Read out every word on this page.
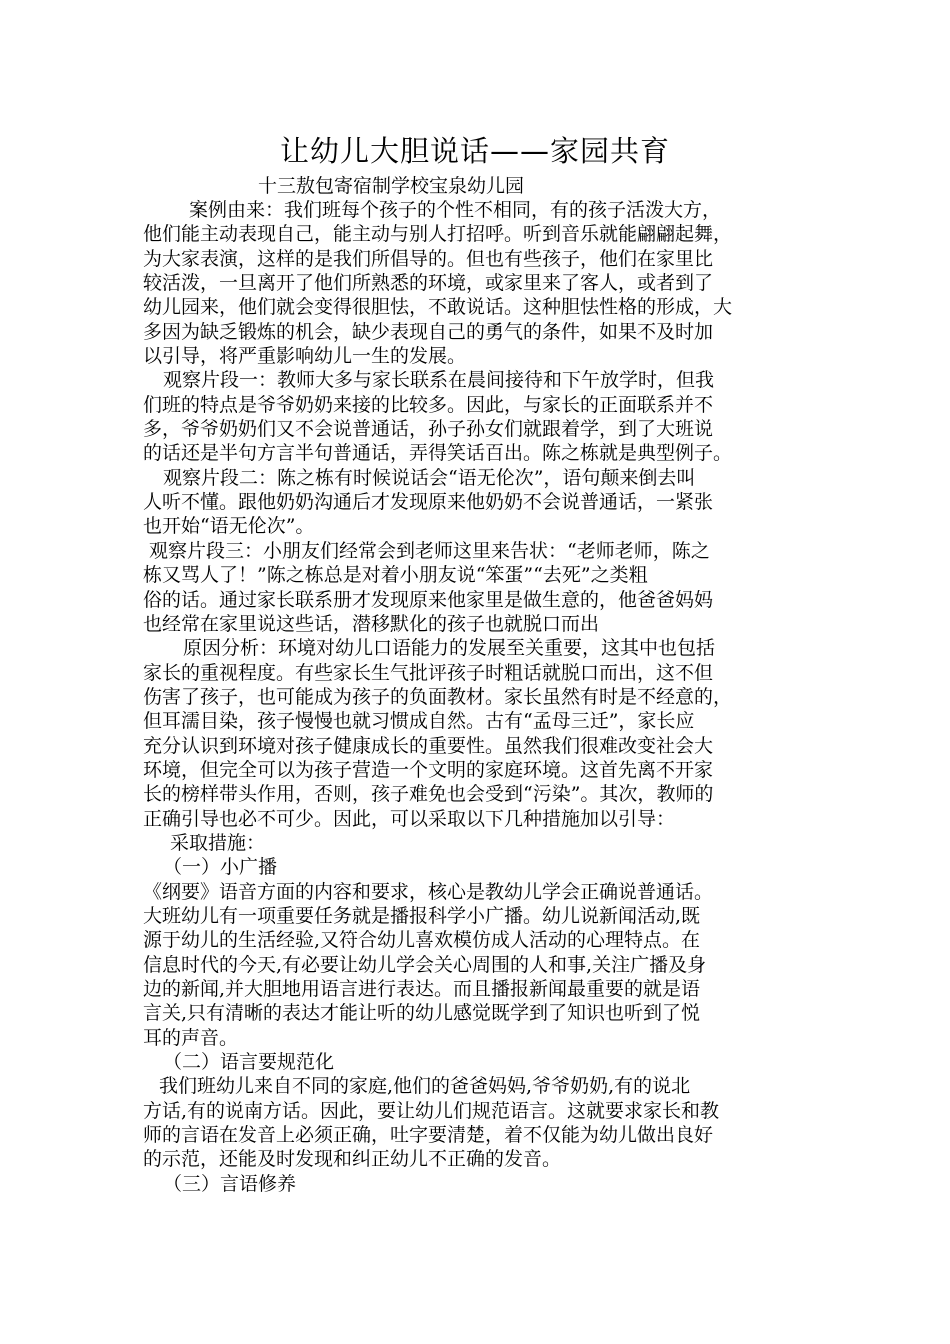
让幼儿大胆说话——家园共育
十三敖包寄宿制学校宝泉幼儿园
案例由来：我们班每个孩子的个性不相同，有的孩子活泼大方，
他们能主动表现自己，能主动与别人打招呼。听到音乐就能翩翩起舞，
为大家表演，这样的是我们所倡导的。但也有些孩子，他们在家里比
较活泼，一旦离开了他们所熟悉的环境，或家里来了客人，或者到了
幼儿园来，他们就会变得很胆怯，不敢说话。这种胆怯性格的形成，大
多因为缺乏锻炼的机会，缺少表现自己的勇气的条件，如果不及时加
以引导，将严重影响幼儿一生的发展。
观察片段一：教师大多与家长联系在晨间接待和下午放学时，但我
们班的特点是爷爷奶奶来接的比较多。因此，与家长的正面联系并不
多，爷爷奶奶们又不会说普通话，孙子孙女们就跟着学，到了大班说
的话还是半句方言半句普通话，弄得笑话百出。陈之栋就是典型例子。
观察片段二：陈之栋有时候说话会“语无伦次”，语句颠来倒去叫
人听不懂。跟他奶奶沟通后才发现原来他奶奶不会说普通话，一紧张
也开始“语无伦次”。
观察片段三：小朋友们经常会到老师这里来告状：“老师老师，陈之
栋又骂人了！”陈之栋总是对着小朋友说“笨蛋”“去死”之类粗
俗的话。通过家长联系册才发现原来他家里是做生意的，他爸爸妈妈
也经常在家里说这些话，潜移默化的孩子也就脱口而出
原因分析：环境对幼儿口语能力的发展至关重要，这其中也包括
家长的重视程度。有些家长生气批评孩子时粗话就脱口而出，这不但
伤害了孩子，也可能成为孩子的负面教材。家长虽然有时是不经意的，
但耳濡目染，孩子慢慢也就习惯成自然。古有“孟母三迁”，家长应
充分认识到环境对孩子健康成长的重要性。虽然我们很难改变社会大
环境，但完全可以为孩子营造一个文明的家庭环境。这首先离不开家
长的榜样带头作用，否则，孩子难免也会受到“污染”。其次，教师的
正确引导也必不可少。因此，可以采取以下几种措施加以引导：
采取措施：
（一）小广播
《纲要》语音方面的内容和要求，核心是教幼儿学会正确说普通话。
大班幼儿有一项重要任务就是播报科学小广播。幼儿说新闻活动,既
源于幼儿的生活经验,又符合幼儿喜欢模仿成人活动的心理特点。在
信息时代的今天,有必要让幼儿学会关心周围的人和事,关注广播及身
边的新闻,并大胆地用语言进行表达。而且播报新闻最重要的就是语
言关,只有清晰的表达才能让听的幼儿感觉既学到了知识也听到了悦
耳的声音。
（二）语言要规范化
我们班幼儿来自不同的家庭,他们的爸爸妈妈,爷爷奶奶,有的说北
方话,有的说南方话。因此，要让幼儿们规范语言。这就要求家长和教
师的言语在发音上必须正确，吐字要清楚，着不仅能为幼儿做出良好
的示范，还能及时发现和纠正幼儿不正确的发音。
（三）言语修养
